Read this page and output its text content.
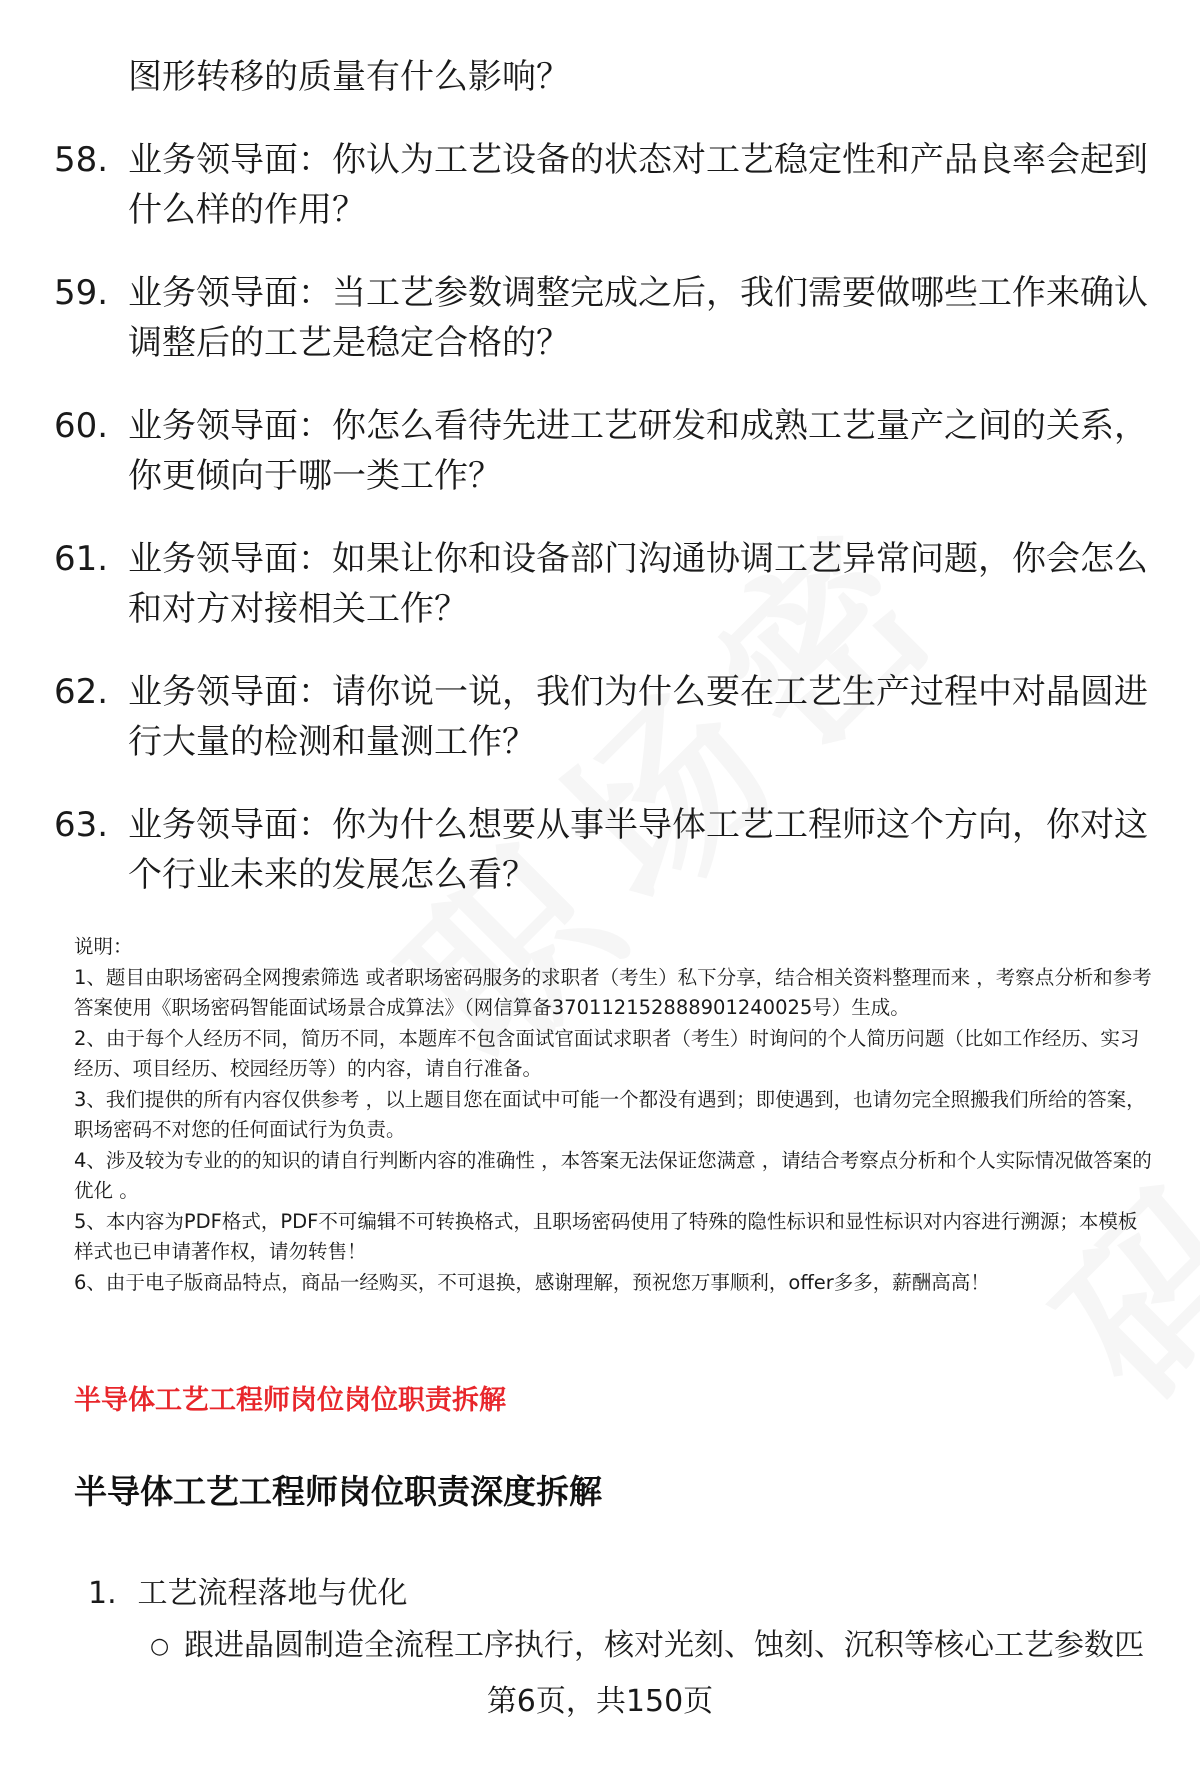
图形转移的质量有什么影响？
58. 业务领导面：你认为工艺设备的状态对工艺稳定性和产品良率会起到什么样的作用？
59. 业务领导面：当工艺参数调整完成之后，我们需要做哪些工作来确认调整后的工艺是稳定合格的？
60. 业务领导面：你怎么看待先进工艺研发和成熟工艺量产之间的关系，你更倾向于哪一类工作？
61. 业务领导面：如果让你和设备部门沟通协调工艺异常问题，你会怎么和对方对接相关工作？
62. 业务领导面：请你说一说，我们为什么要在工艺生产过程中对晶圆进行大量的检测和量测工作？
63. 业务领导面：你为什么想要从事半导体工艺工程师这个方向，你对这个行业未来的发展怎么看？

说明：

1、题目由职场密码全网搜索筛选 或者职场密码服务的求职者（考生）私下分享，结合相关资料整理而来 ，考察点分析和参考答案使用《职场密码智能面试场景合成算法》（网信算备370112152888901240025号）生成。

2、由于每个人经历不同，简历不同，本题库不包含面试官面试求职者（考生）时询问的个人简历问题（比如工作经历、实习经历、项目经历、校园经历等）的内容，请自行准备。

3、我们提供的所有内容仅供参考 ，以上题目您在面试中可能一个都没有遇到；即使遇到，也请勿完全照搬我们所给的答案，职场密码不对您的任何面试行为负责。

4、涉及较为专业的的知识的请自行判断内容的准确性 ，本答案无法保证您满意 ，请结合考察点分析和个人实际情况做答案的优化 。

5、本内容为PDF格式，PDF不可编辑不可转换格式，且职场密码使用了特殊的隐性标识和显性标识对内容进行溯源；本模板样式也已申请著作权，请勿转售！

6、由于电子版商品特点，商品一经购买，不可退换，感谢理解，预祝您万事顺利，offer多多，薪酬高高！

半导体工艺工程师岗位岗位职责拆解
半导体工艺工程师岗位职责深度拆解
1. 工艺流程落地与优化
○ 跟进晶圆制造全流程工序执行，核对光刻、蚀刻、沉积等核心工艺参数匹
第6页，共150页
